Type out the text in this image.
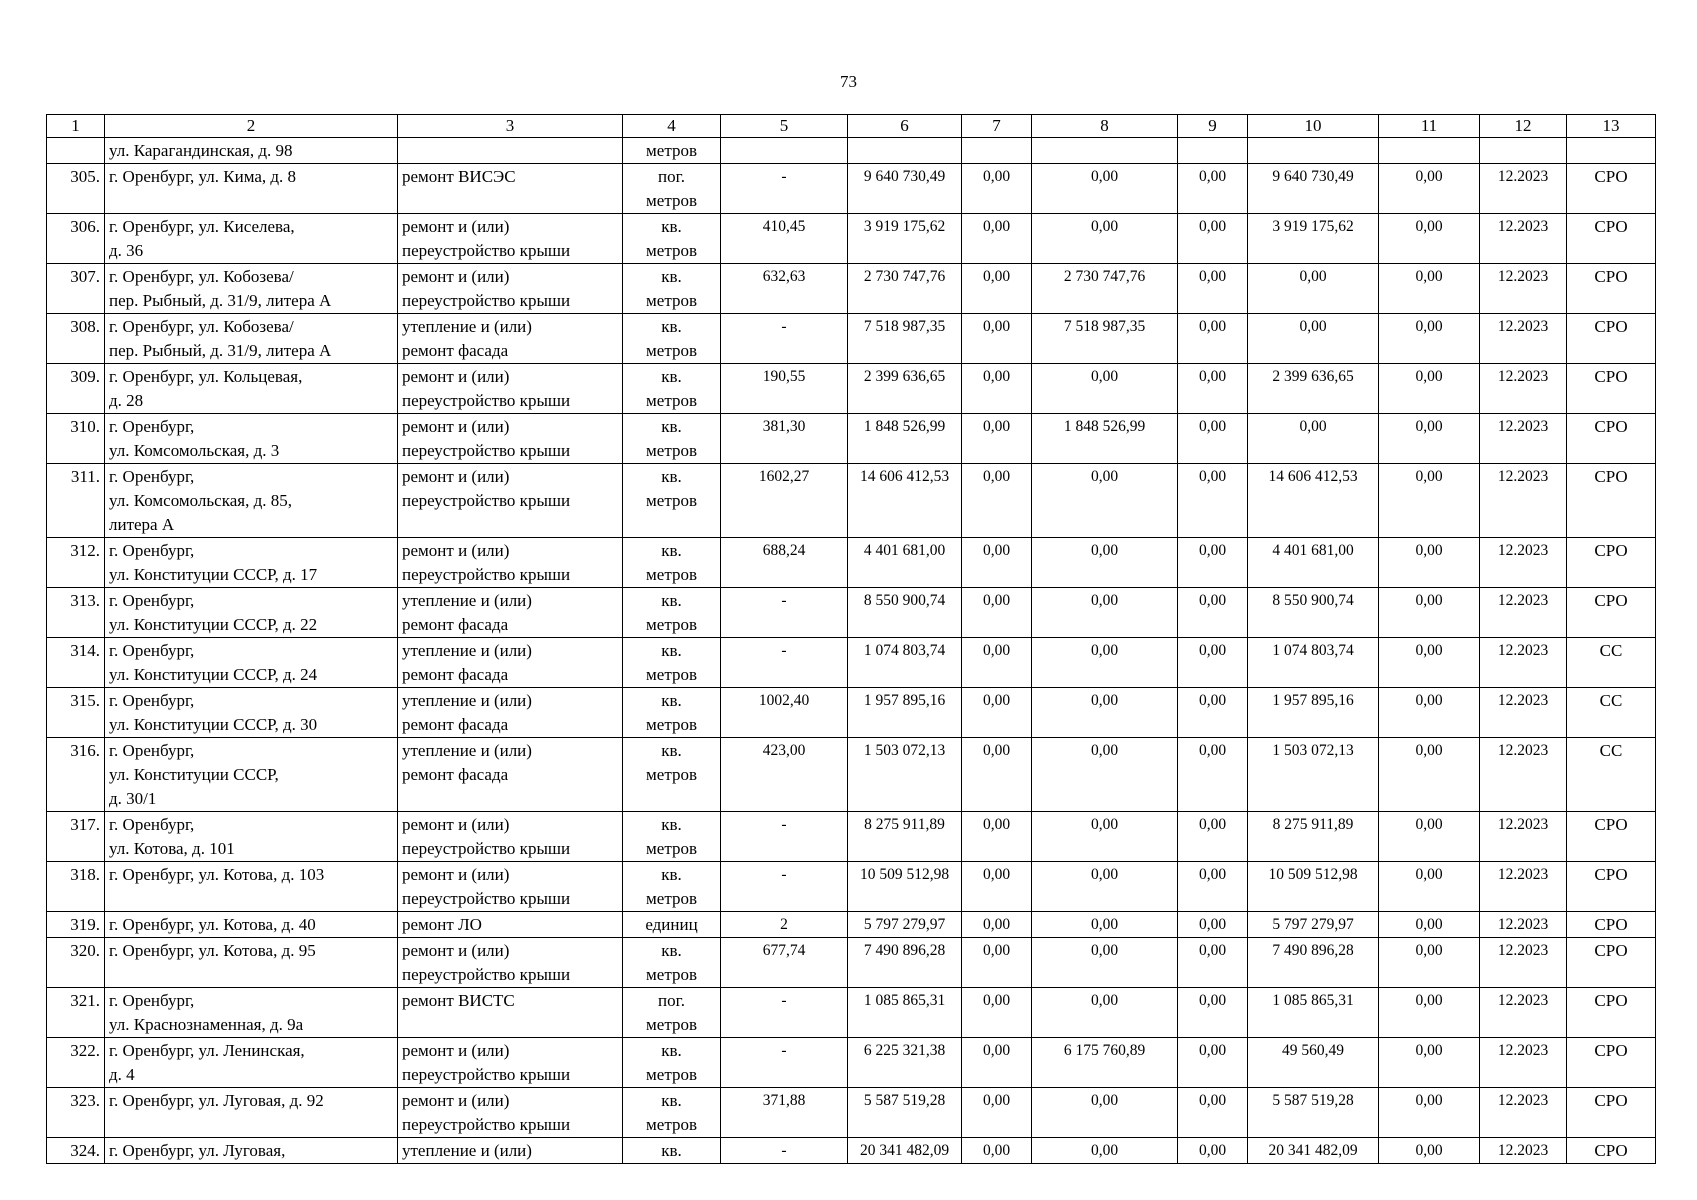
73
1	2	3	4	5	6	7	8	9	10	11	12	13
	ул. Карагандинская, д. 98		метров									
305.	г. Оренбург, ул. Кима, д. 8	ремонт ВИСЭС	пог.
метров	-	9 640 730,49	0,00	0,00	0,00	9 640 730,49	0,00	12.2023	СРО
306.	г. Оренбург, ул. Киселева,
д. 36	ремонт и (или)
переустройство крыши	кв.
метров	410,45	3 919 175,62	0,00	0,00	0,00	3 919 175,62	0,00	12.2023	СРО
307.	г. Оренбург, ул. Кобозева/
пер. Рыбный, д. 31/9, литера А	ремонт и (или)
переустройство крыши	кв.
метров	632,63	2 730 747,76	0,00	2 730 747,76	0,00	0,00	0,00	12.2023	СРО
308.	г. Оренбург, ул. Кобозева/
пер. Рыбный, д. 31/9, литера А	утепление и (или)
ремонт фасада	кв.
метров	-	7 518 987,35	0,00	7 518 987,35	0,00	0,00	0,00	12.2023	СРО
309.	г. Оренбург, ул. Кольцевая,
д. 28	ремонт и (или)
переустройство крыши	кв.
метров	190,55	2 399 636,65	0,00	0,00	0,00	2 399 636,65	0,00	12.2023	СРО
310.	г. Оренбург,
ул. Комсомольская, д. 3	ремонт и (или)
переустройство крыши	кв.
метров	381,30	1 848 526,99	0,00	1 848 526,99	0,00	0,00	0,00	12.2023	СРО
311.	г. Оренбург,
ул. Комсомольская, д. 85,
литера А	ремонт и (или)
переустройство крыши	кв.
метров	1602,27	14 606 412,53	0,00	0,00	0,00	14 606 412,53	0,00	12.2023	СРО
312.	г. Оренбург,
ул. Конституции СССР, д. 17	ремонт и (или)
переустройство крыши	кв.
метров	688,24	4 401 681,00	0,00	0,00	0,00	4 401 681,00	0,00	12.2023	СРО
313.	г. Оренбург,
ул. Конституции СССР, д. 22	утепление и (или)
ремонт фасада	кв.
метров	-	8 550 900,74	0,00	0,00	0,00	8 550 900,74	0,00	12.2023	СРО
314.	г. Оренбург,
ул. Конституции СССР, д. 24	утепление и (или)
ремонт фасада	кв.
метров	-	1 074 803,74	0,00	0,00	0,00	1 074 803,74	0,00	12.2023	СС
315.	г. Оренбург,
ул. Конституции СССР, д. 30	утепление и (или)
ремонт фасада	кв.
метров	1002,40	1 957 895,16	0,00	0,00	0,00	1 957 895,16	0,00	12.2023	СС
316.	г. Оренбург,
ул. Конституции СССР,
д. 30/1	утепление и (или)
ремонт фасада	кв.
метров	423,00	1 503 072,13	0,00	0,00	0,00	1 503 072,13	0,00	12.2023	СС
317.	г. Оренбург,
ул. Котова, д. 101	ремонт и (или)
переустройство крыши	кв.
метров	-	8 275 911,89	0,00	0,00	0,00	8 275 911,89	0,00	12.2023	СРО
318.	г. Оренбург, ул. Котова, д. 103	ремонт и (или)
переустройство крыши	кв.
метров	-	10 509 512,98	0,00	0,00	0,00	10 509 512,98	0,00	12.2023	СРО
319.	г. Оренбург, ул. Котова, д. 40	ремонт ЛО	единиц	2	5 797 279,97	0,00	0,00	0,00	5 797 279,97	0,00	12.2023	СРО
320.	г. Оренбург, ул. Котова, д. 95	ремонт и (или)
переустройство крыши	кв.
метров	677,74	7 490 896,28	0,00	0,00	0,00	7 490 896,28	0,00	12.2023	СРО
321.	г. Оренбург,
ул. Краснознаменная, д. 9а	ремонт ВИСТС	пог.
метров	-	1 085 865,31	0,00	0,00	0,00	1 085 865,31	0,00	12.2023	СРО
322.	г. Оренбург, ул. Ленинская,
д. 4	ремонт и (или)
переустройство крыши	кв.
метров	-	6 225 321,38	0,00	6 175 760,89	0,00	49 560,49	0,00	12.2023	СРО
323.	г. Оренбург, ул. Луговая, д. 92	ремонт и (или)
переустройство крыши	кв.
метров	371,88	5 587 519,28	0,00	0,00	0,00	5 587 519,28	0,00	12.2023	СРО
324.	г. Оренбург, ул. Луговая,	утепление и (или)	кв.	-	20 341 482,09	0,00	0,00	0,00	20 341 482,09	0,00	12.2023	СРО
